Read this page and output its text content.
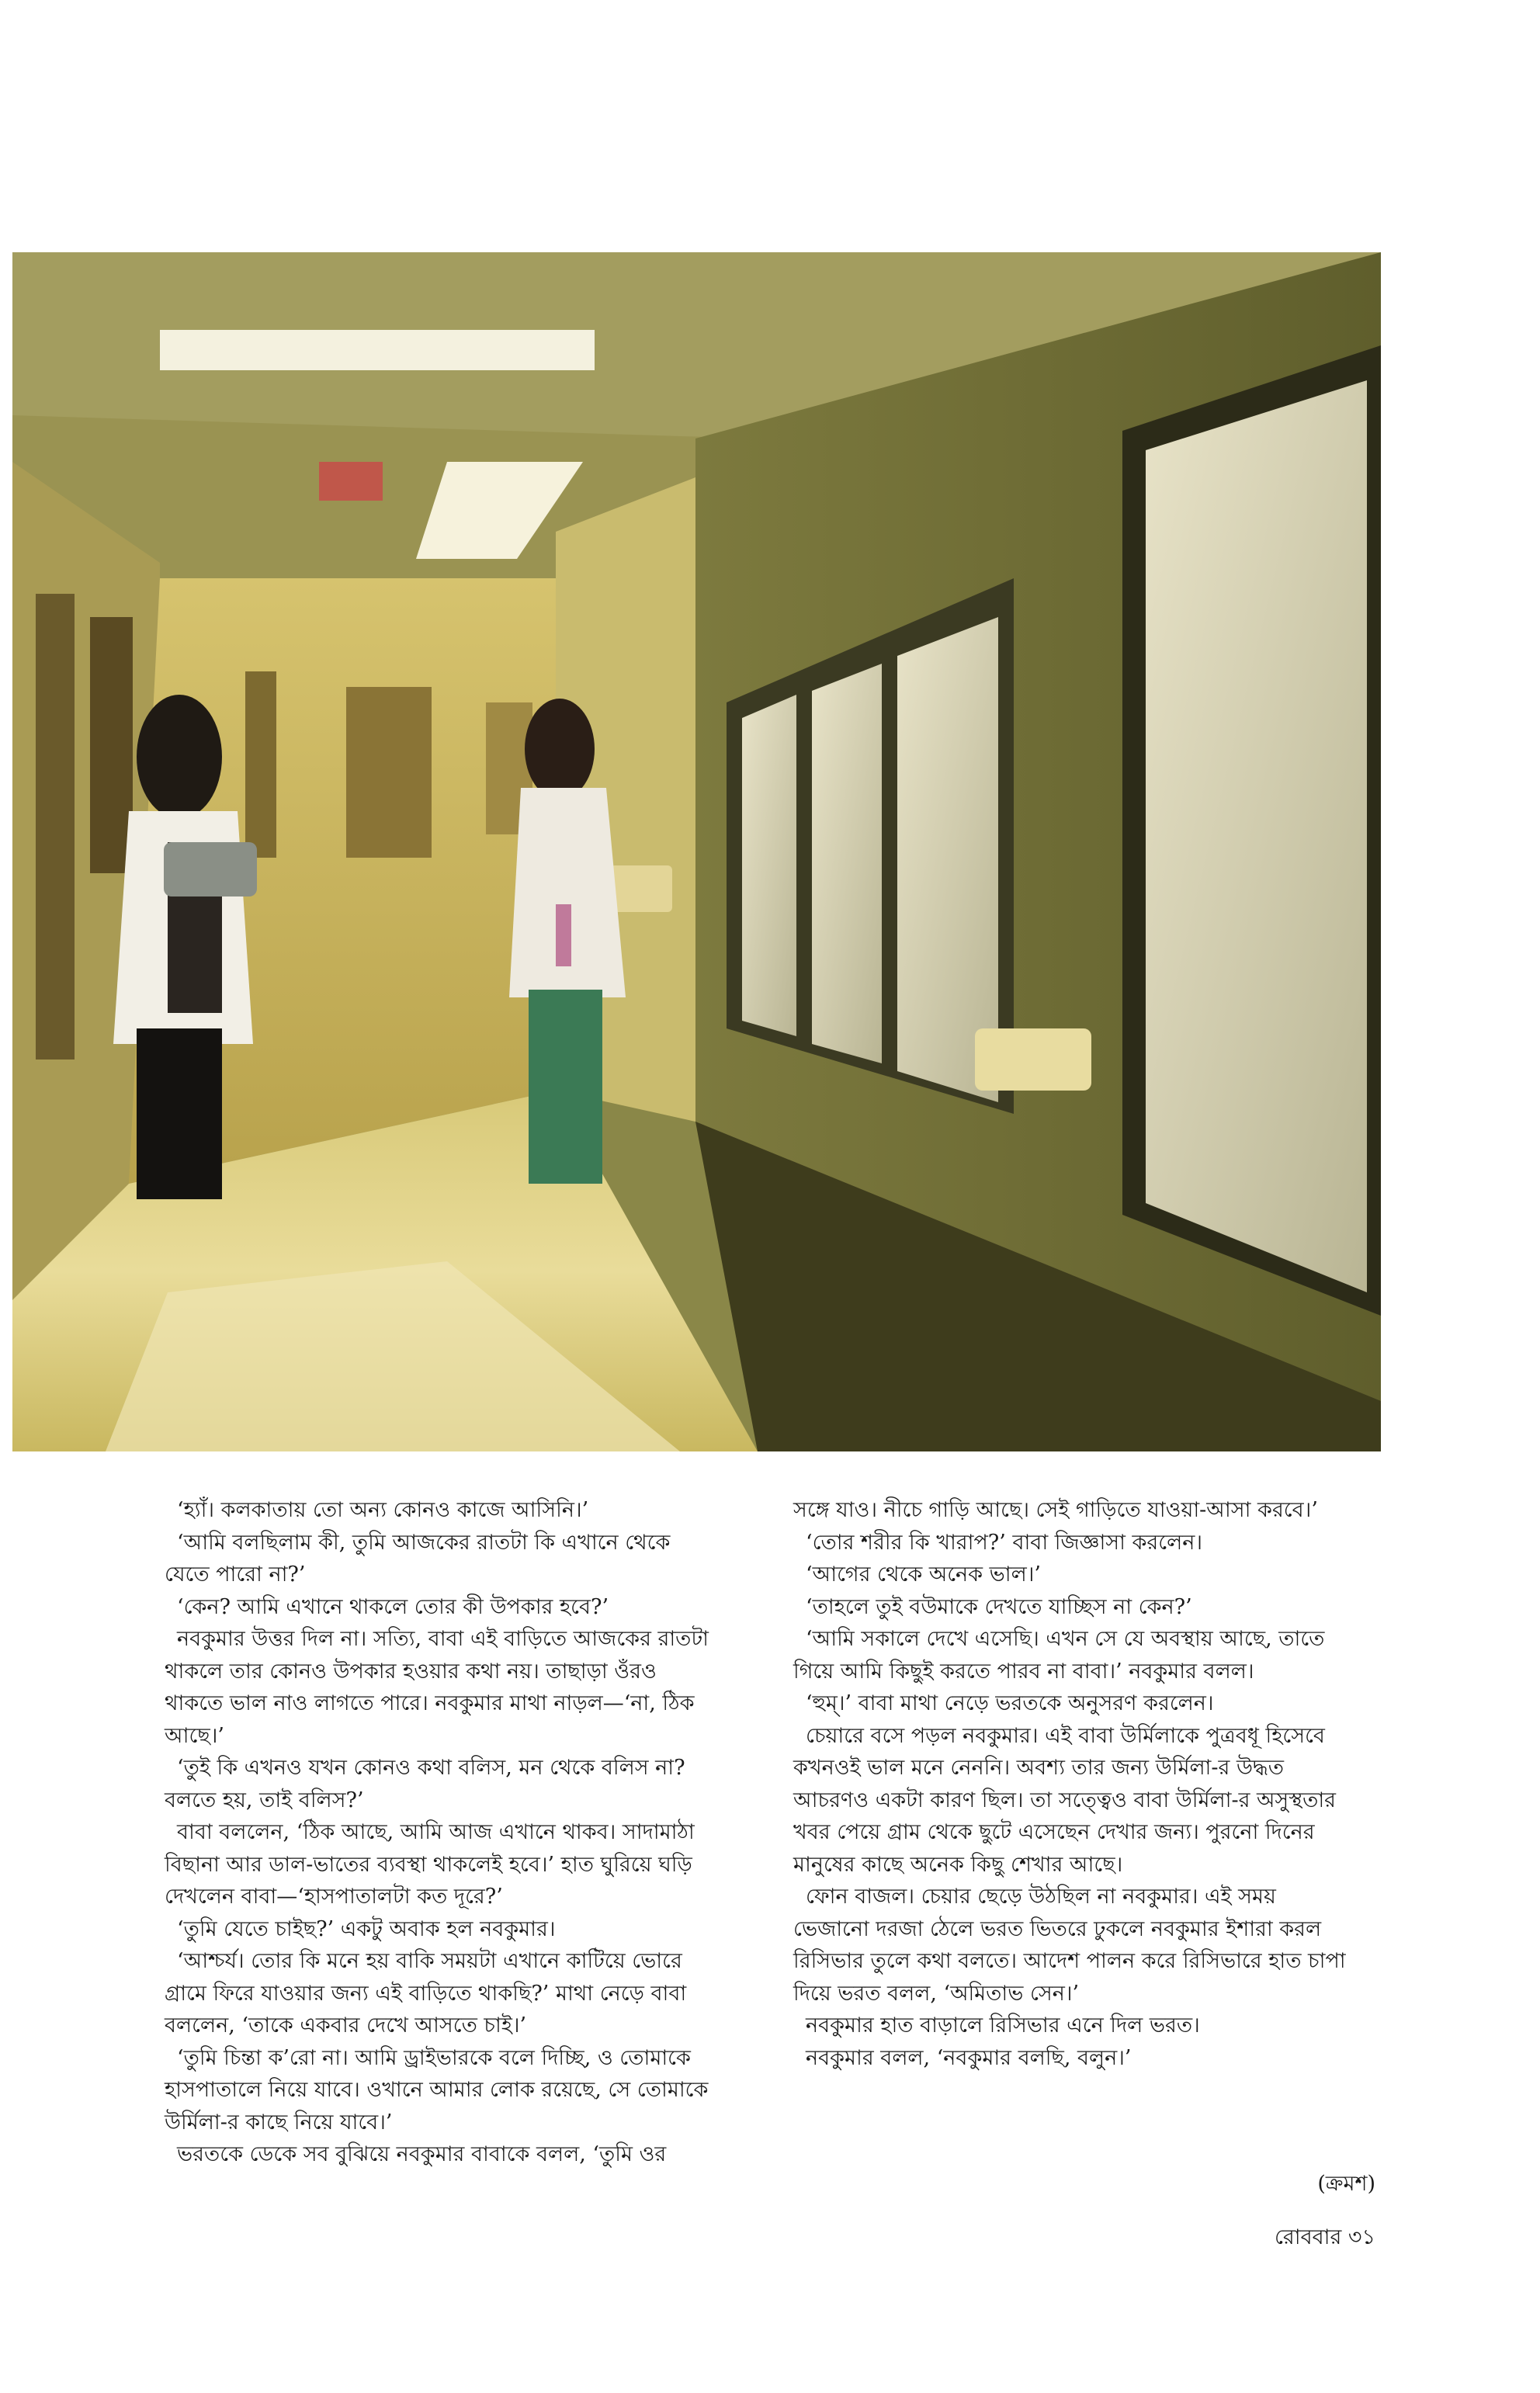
‘হ্যাঁ। কলকাতায় তো অন্য কোনও কাজে আসিনি।’

‘আমি বলছিলাম কী, তুমি আজকের রাতটা কি এখানে থেকে যেতে পারো না?’

‘কেন? আমি এখানে থাকলে তোর কী উপকার হবে?’

নবকুমার উত্তর দিল না। সত্যি, বাবা এই বাড়িতে আজকের রাতটা থাকলে তার কোনও উপকার হওয়ার কথা নয়। তাছাড়া ওঁরও থাকতে ভাল নাও লাগতে পারে। নবকুমার মাথা নাড়ল—‘না, ঠিক আছে।’

‘তুই কি এখনও যখন কোনও কথা বলিস, মন থেকে বলিস না? বলতে হয়, তাই বলিস?’

বাবা বললেন, ‘ঠিক আছে, আমি আজ এখানে থাকব। সাদামাঠা বিছানা আর ডাল-ভাতের ব্যবস্থা থাকলেই হবে।’ হাত ঘুরিয়ে ঘড়ি দেখলেন বাবা—‘হাসপাতালটা কত দূরে?’

‘তুমি যেতে চাইছ?’ একটু অবাক হল নবকুমার।

‘আশ্চর্য। তোর কি মনে হয় বাকি সময়টা এখানে কাটিয়ে ভোরে গ্রামে ফিরে যাওয়ার জন্য এই বাড়িতে থাকছি?’ মাথা নেড়ে বাবা বললেন, ‘তাকে একবার দেখে আসতে চাই।’

‘তুমি চিন্তা ক’রো না। আমি ড্রাইভারকে বলে দিচ্ছি, ও তোমাকে হাসপাতালে নিয়ে যাবে। ওখানে আমার লোক রয়েছে, সে তোমাকে উর্মিলা-র কাছে নিয়ে যাবে।’

ভরতকে ডেকে সব বুঝিয়ে নবকুমার বাবাকে বলল, ‘তুমি ওর

সঙ্গে যাও। নীচে গাড়ি আছে। সেই গাড়িতে যাওয়া-আসা করবে।’

‘তোর শরীর কি খারাপ?’ বাবা জিজ্ঞাসা করলেন।

‘আগের থেকে অনেক ভাল।’

‘তাহলে তুই বউমাকে দেখতে যাচ্ছিস না কেন?’

‘আমি সকালে দেখে এসেছি। এখন সে যে অবস্থায় আছে, তাতে গিয়ে আমি কিছুই করতে পারব না বাবা।’ নবকুমার বলল।

‘হুম্।’ বাবা মাথা নেড়ে ভরতকে অনুসরণ করলেন।

চেয়ারে বসে পড়ল নবকুমার। এই বাবা উর্মিলাকে পুত্রবধূ হিসেবে কখনওই ভাল মনে নেননি। অবশ্য তার জন্য উর্মিলা-র উদ্ধত আচরণও একটা কারণ ছিল। তা সত্ত্বেও বাবা উর্মিলা-র অসুস্থতার খবর পেয়ে গ্রাম থেকে ছুটে এসেছেন দেখার জন্য। পুরনো দিনের মানুষের কাছে অনেক কিছু শেখার আছে।

ফোন বাজল। চেয়ার ছেড়ে উঠছিল না নবকুমার। এই সময় ভেজানো দরজা ঠেলে ভরত ভিতরে ঢুকলে নবকুমার ইশারা করল রিসিভার তুলে কথা বলতে। আদেশ পালন করে রিসিভারে হাত চাপা দিয়ে ভরত বলল, ‘অমিতাভ সেন।’

নবকুমার হাত বাড়ালে রিসিভার এনে দিল ভরত।

নবকুমার বলল, ‘নবকুমার বলছি, বলুন।’

(ক্রমশ)
রোববার ৩১
